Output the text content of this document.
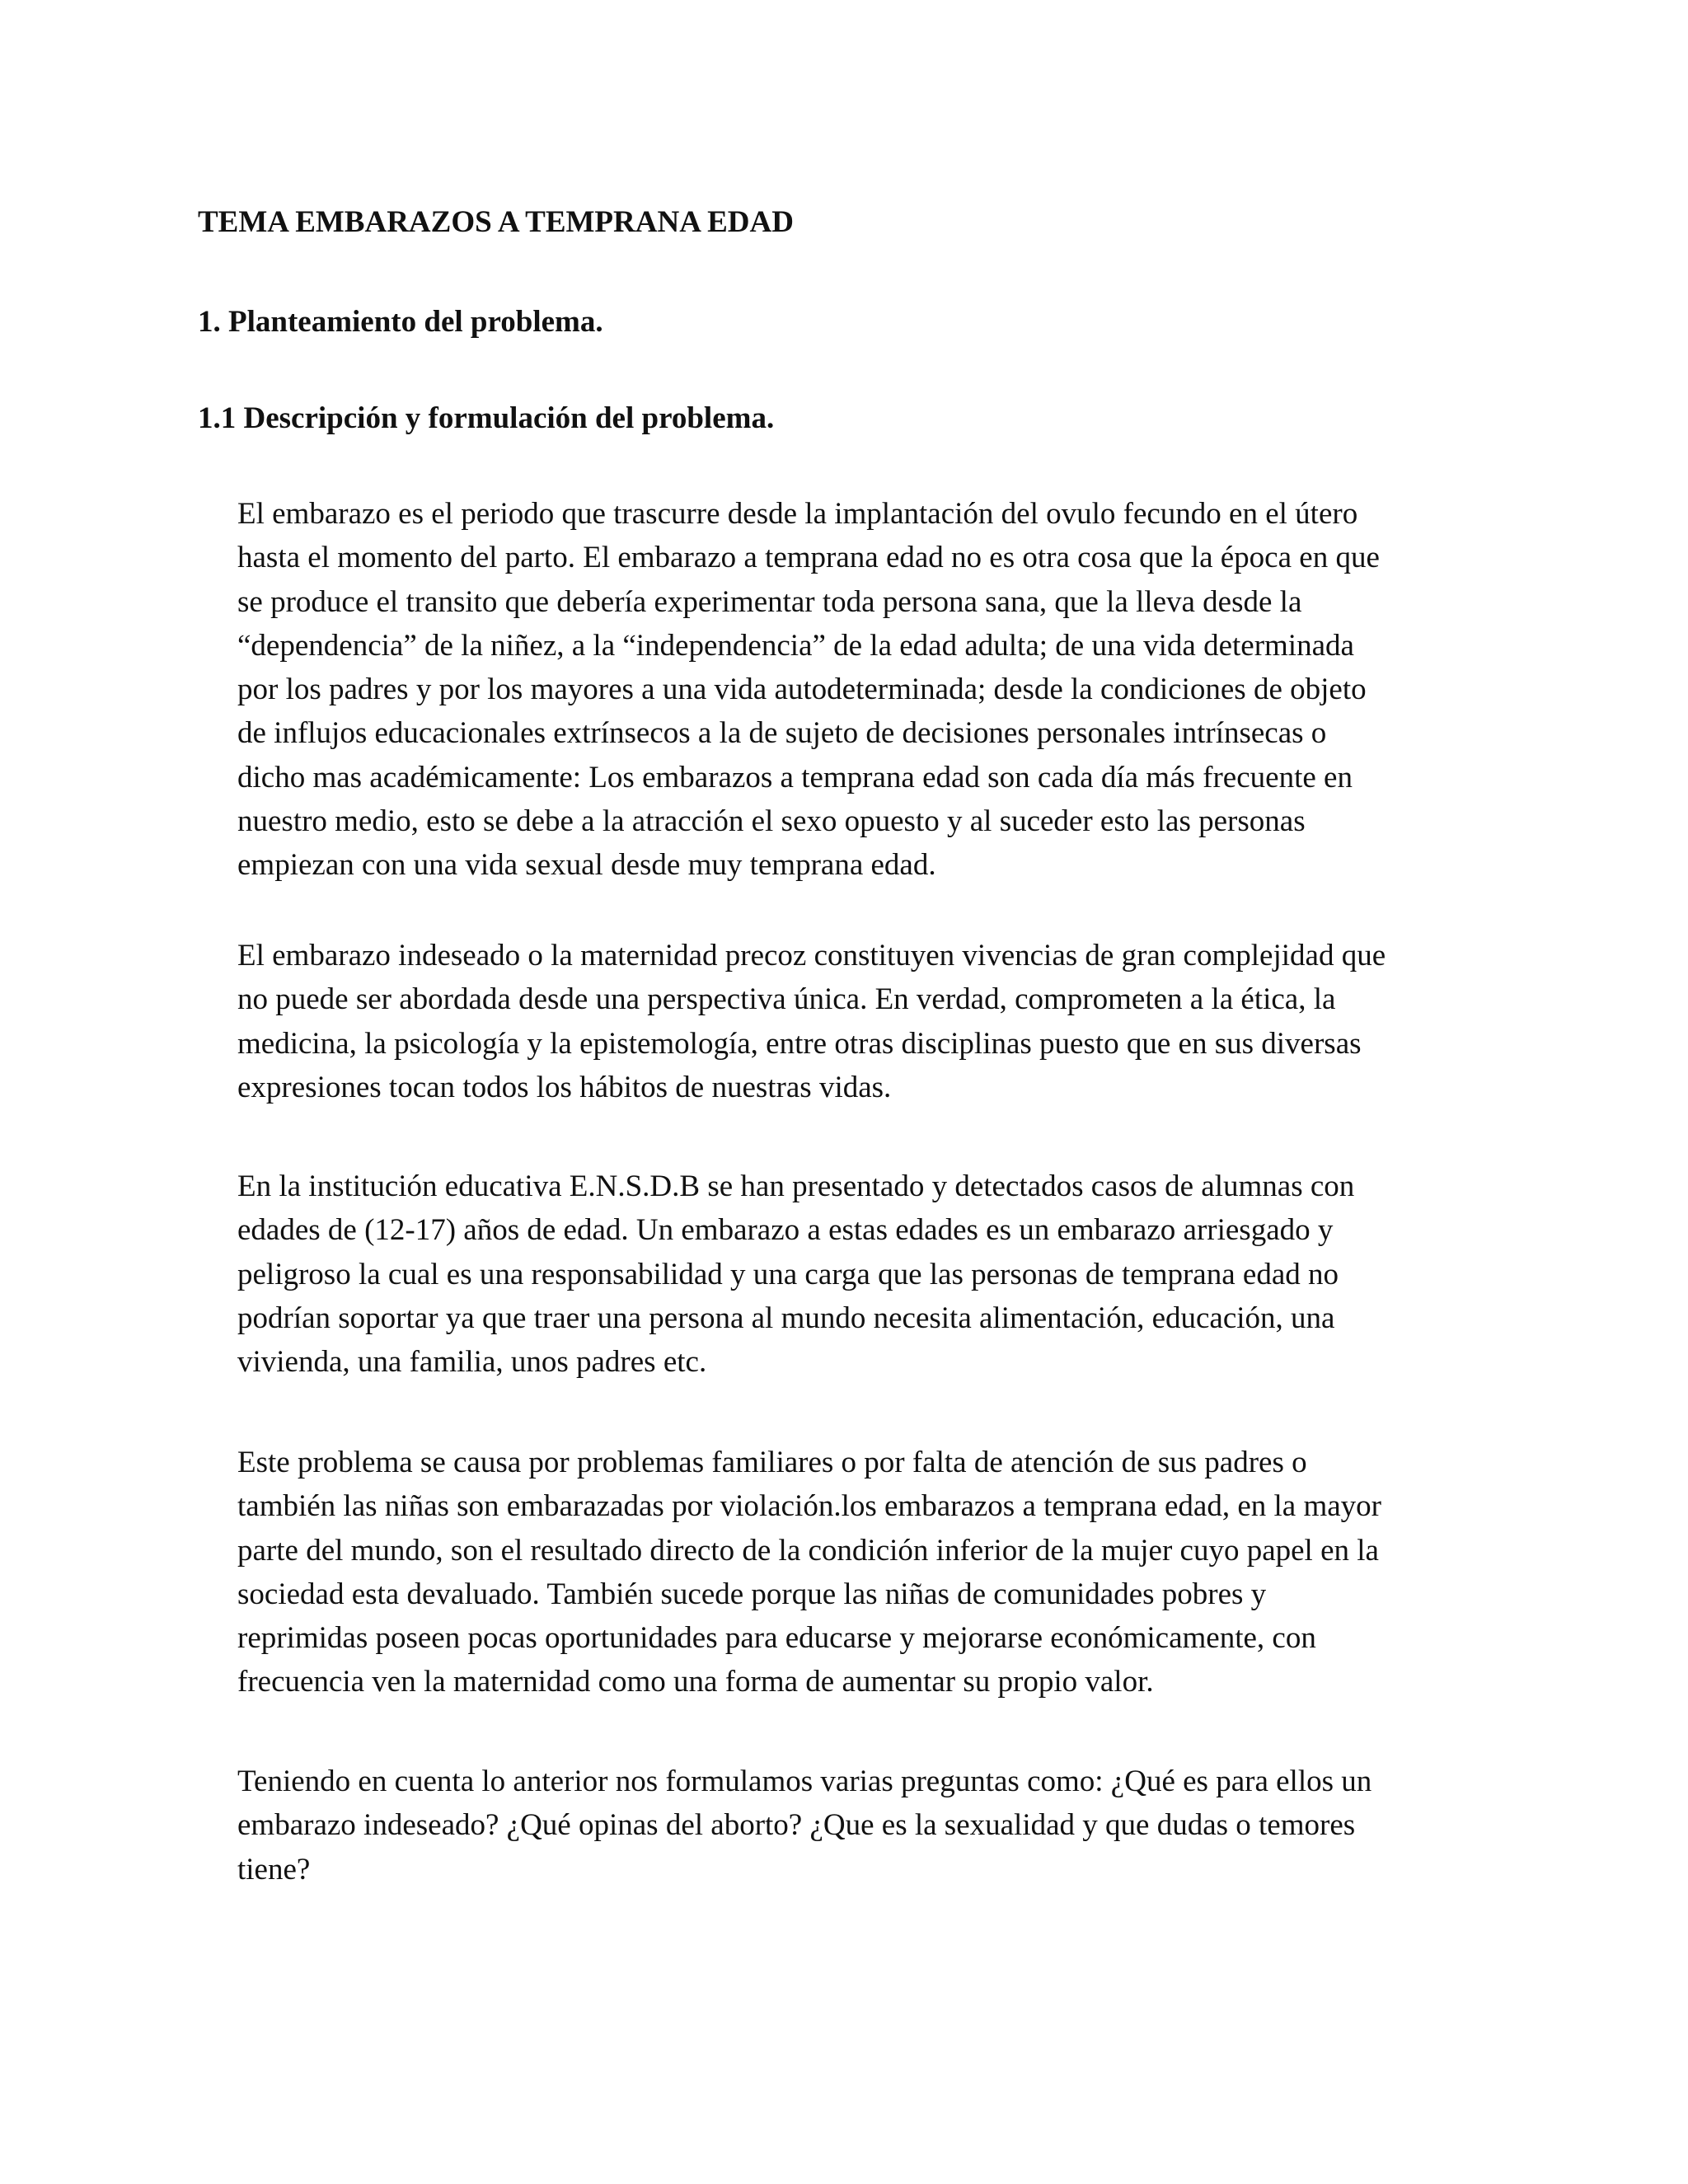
TEMA EMBARAZOS A TEMPRANA EDAD
1. Planteamiento del problema.
1.1 Descripción y formulación del problema.

El embarazo es el periodo que trascurre desde la implantación del ovulo fecundo en el útero
hasta el momento del parto. El embarazo a temprana edad no es otra cosa que la época en que
se produce el transito que debería experimentar toda persona sana, que la lleva desde la
“dependencia” de la niñez, a la “independencia” de la edad adulta; de una vida determinada
por los padres y por los mayores a una vida autodeterminada; desde la condiciones de objeto
de influjos educacionales extrínsecos a la de sujeto de decisiones personales intrínsecas o
dicho mas académicamente: Los embarazos a temprana edad son cada día más frecuente en
nuestro medio, esto se debe a la atracción el sexo opuesto y al suceder esto las personas
empiezan con una vida sexual desde muy temprana edad.

El embarazo indeseado o la maternidad precoz constituyen vivencias de gran complejidad que
no puede ser abordada desde una perspectiva única. En verdad, comprometen a la ética, la
medicina, la psicología y la epistemología, entre otras disciplinas puesto que en sus diversas
expresiones tocan todos los hábitos de nuestras vidas.

En la institución educativa E.N.S.D.B se han presentado y detectados casos de alumnas con
edades de (12-17) años de edad. Un embarazo a estas edades es un embarazo arriesgado y
peligroso la cual es una responsabilidad y una carga que las personas de temprana edad no
podrían soportar ya que traer una persona al mundo necesita alimentación, educación, una
vivienda, una familia, unos padres etc.

Este problema se causa por problemas familiares o por falta de atención de sus padres o
también las niñas son embarazadas por violación.los embarazos a temprana edad, en la mayor
parte del mundo, son el resultado directo de la condición inferior de la mujer cuyo papel en la
sociedad esta devaluado. También sucede porque las niñas de comunidades pobres y
reprimidas poseen pocas oportunidades para educarse y mejorarse económicamente, con
frecuencia ven la maternidad como una forma de aumentar su propio valor.

Teniendo en cuenta lo anterior nos formulamos varias preguntas como: ¿Qué es para ellos un
embarazo indeseado? ¿Qué opinas del aborto? ¿Que es la sexualidad y que dudas o temores
tiene?
